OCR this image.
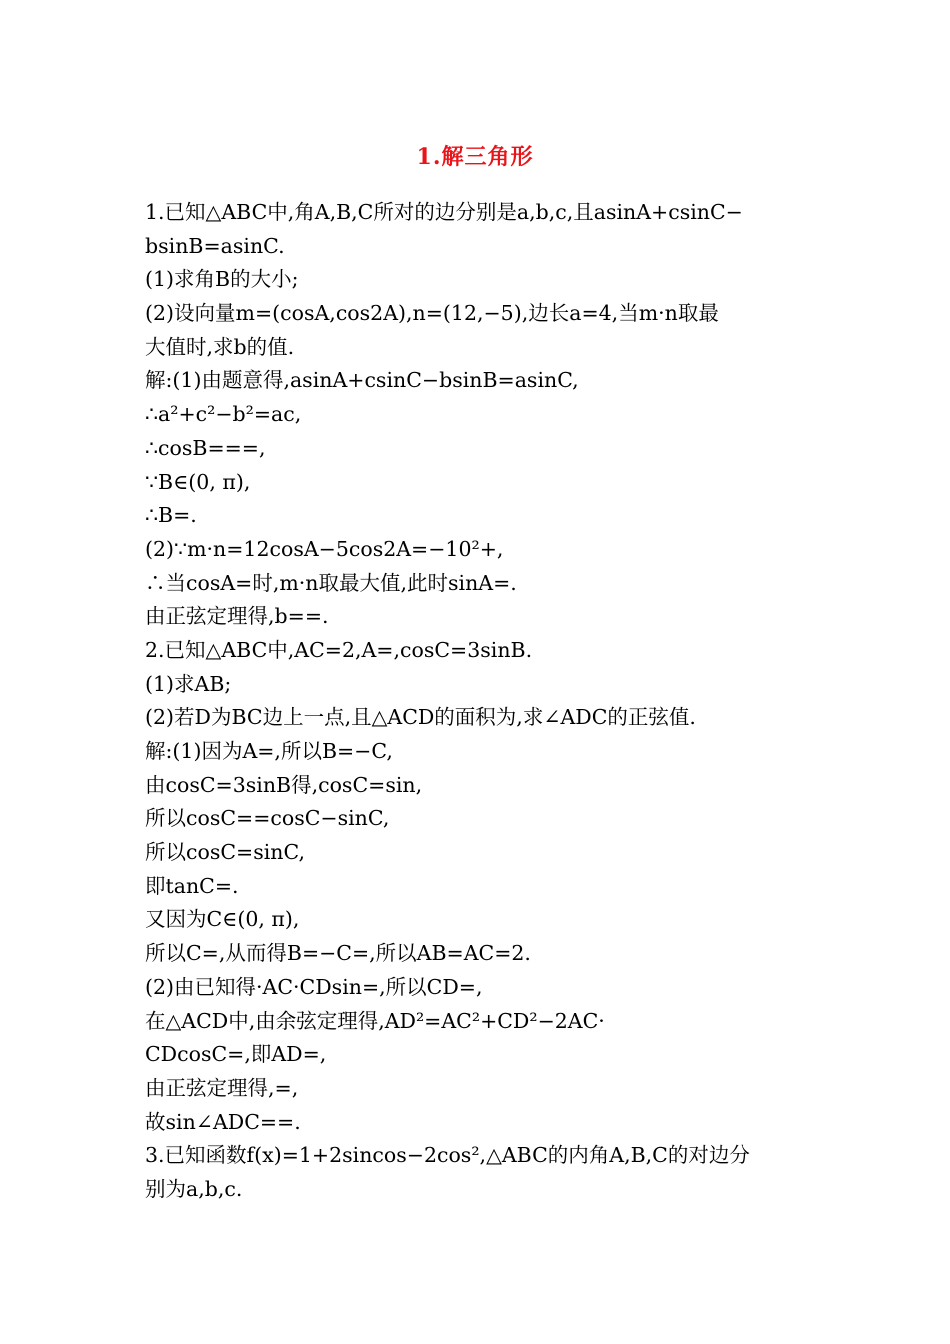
1.解三角形
1.已知△ABC中,角A,B,C所对的边分别是a,b,c,且asinA+csinC−
bsinB=asinC.
(1)求角B的大小;
(2)设向量m=(cosA,cos2A),n=(12,−5),边长a=4,当m·n取最
大值时,求b的值.
解:(1)由题意得,asinA+csinC−bsinB=asinC,
∴a²+c²−b²=ac,
∴cosB===,
∵B∈(0, π),
∴B=.
(2)∵m·n=12cosA−5cos2A=−10²+,
∴当cosA=时,m·n取最大值,此时sinA=.
由正弦定理得,b==.
2.已知△ABC中,AC=2,A=,cosC=3sinB.
(1)求AB;
(2)若D为BC边上一点,且△ACD的面积为,求∠ADC的正弦值.
解:(1)因为A=,所以B=−C,
由cosC=3sinB得,cosC=sin,
所以cosC==cosC−sinC,
所以cosC=sinC,
即tanC=.
又因为C∈(0, π),
所以C=,从而得B=−C=,所以AB=AC=2.
(2)由已知得·AC·CDsin=,所以CD=,
在△ACD中,由余弦定理得,AD²=AC²+CD²−2AC·
CDcosC=,即AD=,
由正弦定理得,=,
故sin∠ADC==.
3.已知函数f(x)=1+2sincos−2cos²,△ABC的内角A,B,C的对边分
别为a,b,c.
